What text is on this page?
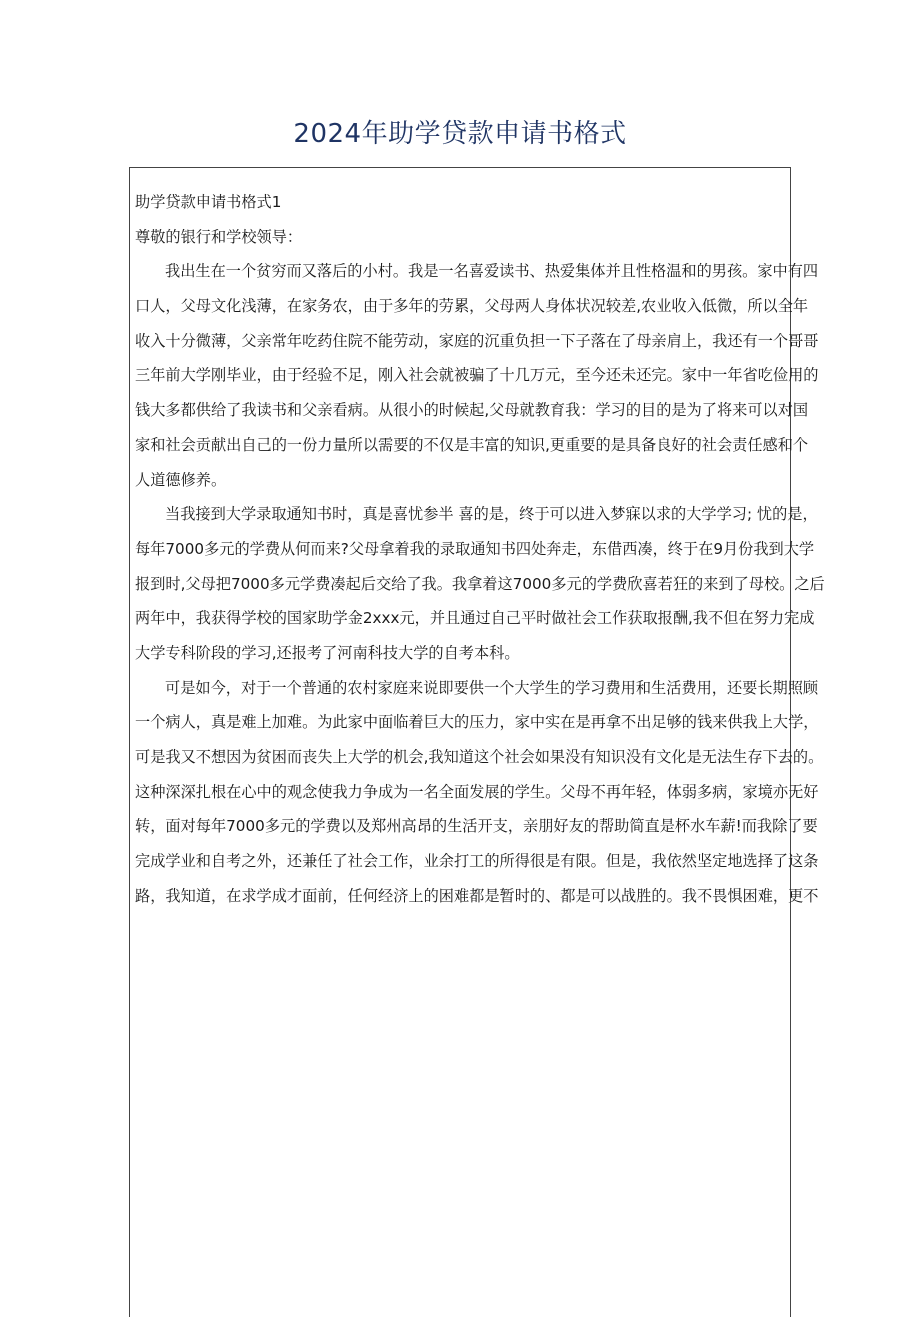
2024年助学贷款申请书格式
助学贷款申请书格式1
尊敬的银行和学校领导：
我 出 生 在 一 个 贫 穷 而 又 落 后 的 小 村 。 我 是 一 名 喜 爱 读 书 、 热 爱 集 体 并 且 性 格 温 和 的 男 孩 。 家 中 有 四
口 人 ， 父 母 文 化 浅 薄 ， 在 家 务 农 ， 由 于 多 年 的 劳 累 ， 父 母 两 人 身 体 状 况 较 差 , 农 业 收 入 低 微 ， 所 以 全 年
收 入 十 分 微 薄 ， 父 亲 常 年 吃 药 住 院 不 能 劳 动 ， 家 庭 的 沉 重 负 担 一 下 子 落 在 了 母 亲 肩 上 ， 我 还 有 一 个 哥 哥
三 年 前 大 学 刚 毕 业 ， 由 于 经 验 不 足 ， 刚 入 社 会 就 被 骗 了 十 几 万 元 ， 至 今 还 未 还 完 。 家 中 一 年 省 吃 俭 用 的
钱 大 多 都 供 给 了 我 读 书 和 父 亲 看 病 。 从 很 小 的 时 候 起 , 父 母 就 教 育 我 ： 学 习 的 目 的 是 为 了 将 来 可 以 对 国
家 和 社 会 贡 献 出 自 己 的 一 份 力 量 所 以 需 要 的 不 仅 是 丰 富 的 知 识 , 更 重 要 的 是 具 备 良 好 的 社 会 责 任 感 和 个
人道德修养。
当 我 接 到 大 学 录 取 通 知 书 时 ， 真 是 喜 忧 参 半
喜 的 是 ， 终 于 可 以 进 入 梦 寐 以 求 的 大 学 学 习 ;
忧 的 是 ，
每 年 7 0 0 0 多 元 的 学 费 从 何 而 来 ? 父 母 拿 着 我 的 录 取 通 知 书 四 处 奔 走 ， 东 借 西 凑 ， 终 于 在 9 月 份 我 到 大 学
报 到 时 , 父 母 把 7 0 0 0 多 元 学 费 凑 起 后 交 给 了 我 。 我 拿 着 这 7 0 0 0 多 元 的 学 费 欣 喜 若 狂 的 来 到 了 母 校 。 之 后
两 年 中 ， 我 获 得 学 校 的 国 家 助 学 金 2 x x x 元 ， 并 且 通 过 自 己 平 时 做 社 会 工 作 获 取 报 酬 , 我 不 但 在 努 力 完 成
大学专科阶段的学习,还报考了河南科技大学的自考本科。
可 是 如 今 ， 对 于 一 个 普 通 的 农 村 家 庭 来 说 即 要 供 一 个 大 学 生 的 学 习 费 用 和 生 活 费 用 ， 还 要 长 期 照 顾
一 个 病 人 ， 真 是 难 上 加 难 。 为 此 家 中 面 临 着 巨 大 的 压 力 ， 家 中 实 在 是 再 拿 不 出 足 够 的 钱 来 供 我 上 大 学 ，
可 是 我 又 不 想 因 为 贫 困 而 丧 失 上 大 学 的 机 会 , 我 知 道 这 个 社 会 如 果 没 有 知 识 没 有 文 化 是 无 法 生 存 下 去 的 。
这 种 深 深 扎 根 在 心 中 的 观 念 使 我 力 争 成 为 一 名 全 面 发 展 的 学 生 。 父 母 不 再 年 轻 ， 体 弱 多 病 ， 家 境 亦 无 好
转 ， 面 对 每 年 7 0 0 0 多 元 的 学 费 以 及 郑 州 高 昂 的 生 活 开 支 ， 亲 朋 好 友 的 帮 助 简 直 是 杯 水 车 薪 ! 而 我 除 了 要
完 成 学 业 和 自 考 之 外 ， 还 兼 任 了 社 会 工 作 ， 业 余 打 工 的 所 得 很 是 有 限 。 但 是 ， 我 依 然 坚 定 地 选 择 了 这 条
路 ， 我 知 道 ， 在 求 学 成 才 面 前 ， 任 何 经 济 上 的 困 难 都 是 暂 时 的 、 都 是 可 以 战 胜 的 。 我 不 畏 惧 困 难 ， 更 不
